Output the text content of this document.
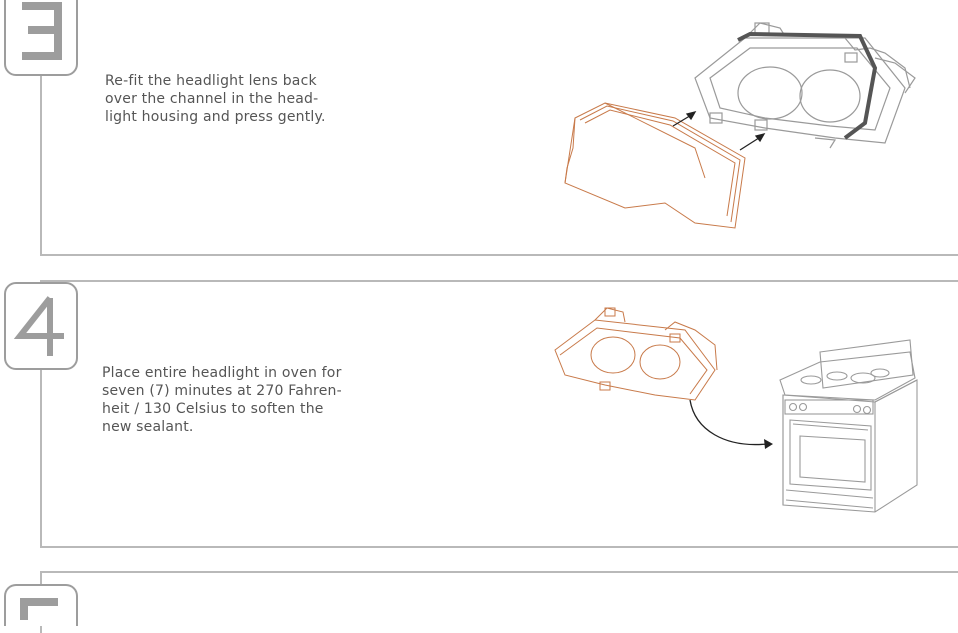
Re-fit the headlight lens back
over the channel in the head-
light housing and press gently.

Place entire headlight in oven for
seven (7) minutes at 270 Fahren-
heit / 130 Celsius to soften the
new sealant.
